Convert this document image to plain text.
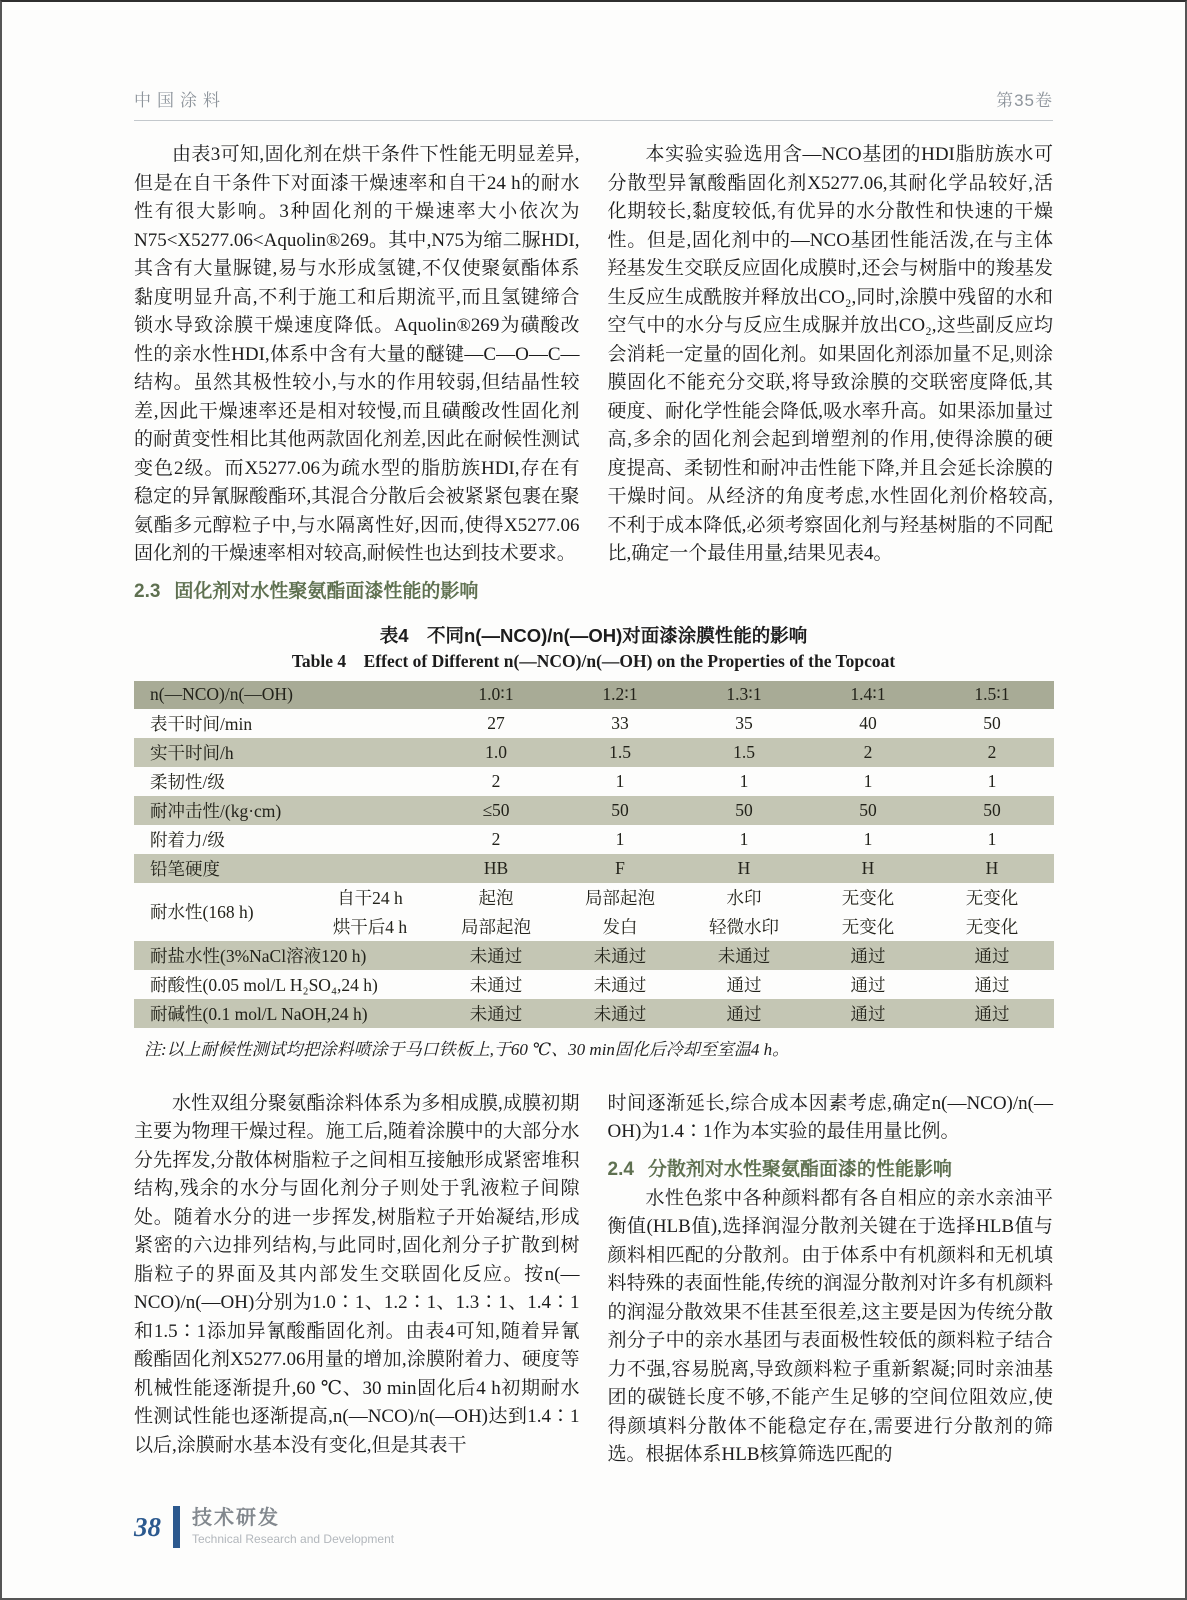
中国涂料	第35卷

由表3可知,固化剂在烘干条件下性能无明显差异,但是在自干条件下对面漆干燥速率和自干24 h的耐水性有很大影响。3种固化剂的干燥速率大小依次为N75<X5277.06<Aquolin®269。其中,N75为缩二脲HDI,其含有大量脲键,易与水形成氢键,不仅使聚氨酯体系黏度明显升高,不利于施工和后期流平,而且氢键缔合锁水导致涂膜干燥速度降低。Aquolin®269为磺酸改性的亲水性HDI,体系中含有大量的醚键—C—O—C—结构。虽然其极性较小,与水的作用较弱,但结晶性较差,因此干燥速率还是相对较慢,而且磺酸改性固化剂的耐黄变性相比其他两款固化剂差,因此在耐候性测试变色2级。而X5277.06为疏水型的脂肪族HDI,存在有稳定的异氰脲酸酯环,其混合分散后会被紧紧包裹在聚氨酯多元醇粒子中,与水隔离性好,因而,使得X5277.06固化剂的干燥速率相对较高,耐候性也达到技术要求。

2.3 固化剂对水性聚氨酯面漆性能的影响

本实验实验选用含—NCO基团的HDI脂肪族水可分散型异氰酸酯固化剂X5277.06,其耐化学品较好,活化期较长,黏度较低,有优异的水分散性和快速的干燥性。但是,固化剂中的—NCO基团性能活泼,在与主体羟基发生交联反应固化成膜时,还会与树脂中的羧基发生反应生成酰胺并释放出CO₂,同时,涂膜中残留的水和空气中的水分与反应生成脲并放出CO₂,这些副反应均会消耗一定量的固化剂。如果固化剂添加量不足,则涂膜固化不能充分交联,将导致涂膜的交联密度降低,其硬度、耐化学性能会降低,吸水率升高。如果添加量过高,多余的固化剂会起到增塑剂的作用,使得涂膜的硬度提高、柔韧性和耐冲击性能下降,并且会延长涂膜的干燥时间。从经济的角度考虑,水性固化剂价格较高,不利于成本降低,必须考察固化剂与羟基树脂的不同配比,确定一个最佳用量,结果见表4。

表4　不同n(—NCO)/n(—OH)对面漆涂膜性能的影响
Table 4　Effect of Different n(—NCO)/n(—OH) on the Properties of the Topcoat
n(—NCO)/n(—OH)		1.0∶1	1.2∶1	1.3∶1	1.4∶1	1.5∶1
表干时间/min		27	33	35	40	50
实干时间/h		1.0	1.5	1.5	2	2
柔韧性/级		2	1	1	1	1
耐冲击性/(kg·cm)		≤50	50	50	50	50
附着力/级		2	1	1	1	1
铅笔硬度		HB	F	H	H	H
耐水性(168 h)	自干24 h	起泡	局部起泡	水印	无变化	无变化
	烘干后4 h	局部起泡	发白	轻微水印	无变化	无变化
耐盐水性(3%NaCl溶液120 h)		未通过	未通过	未通过	通过	通过
耐酸性(0.05 mol/L H₂SO₄,24 h)		未通过	未通过	通过	通过	通过
耐碱性(0.1 mol/L NaOH,24 h)		未通过	未通过	通过	通过	通过
注:以上耐候性测试均把涂料喷涂于马口铁板上,于60 ℃、30 min固化后冷却至室温4 h。

水性双组分聚氨酯涂料体系为多相成膜,成膜初期主要为物理干燥过程。施工后,随着涂膜中的大部分水分先挥发,分散体树脂粒子之间相互接触形成紧密堆积结构,残余的水分与固化剂分子则处于乳液粒子间隙处。随着水分的进一步挥发,树脂粒子开始凝结,形成紧密的六边排列结构,与此同时,固化剂分子扩散到树脂粒子的界面及其内部发生交联固化反应。按n(—NCO)/n(—OH)分别为1.0∶1、1.2∶1、1.3∶1、1.4∶1和1.5∶1添加异氰酸酯固化剂。由表4可知,随着异氰酸酯固化剂X5277.06用量的增加,涂膜附着力、硬度等机械性能逐渐提升,60 ℃、30 min固化后4 h初期耐水性测试性能也逐渐提高,n(—NCO)/n(—OH)达到1.4∶1以后,涂膜耐水基本没有变化,但是其表干

时间逐渐延长,综合成本因素考虑,确定n(—NCO)/n(—OH)为1.4∶1作为本实验的最佳用量比例。

2.4 分散剂对水性聚氨酯面漆的性能影响

水性色浆中各种颜料都有各自相应的亲水亲油平衡值(HLB值),选择润湿分散剂关键在于选择HLB值与颜料相匹配的分散剂。由于体系中有机颜料和无机填料特殊的表面性能,传统的润湿分散剂对许多有机颜料的润湿分散效果不佳甚至很差,这主要是因为传统分散剂分子中的亲水基团与表面极性较低的颜料粒子结合力不强,容易脱离,导致颜料粒子重新絮凝;同时亲油基团的碳链长度不够,不能产生足够的空间位阻效应,使得颜填料分散体不能稳定存在,需要进行分散剂的筛选。根据体系HLB核算筛选匹配的

38 技术研发
Technical Research and Development
